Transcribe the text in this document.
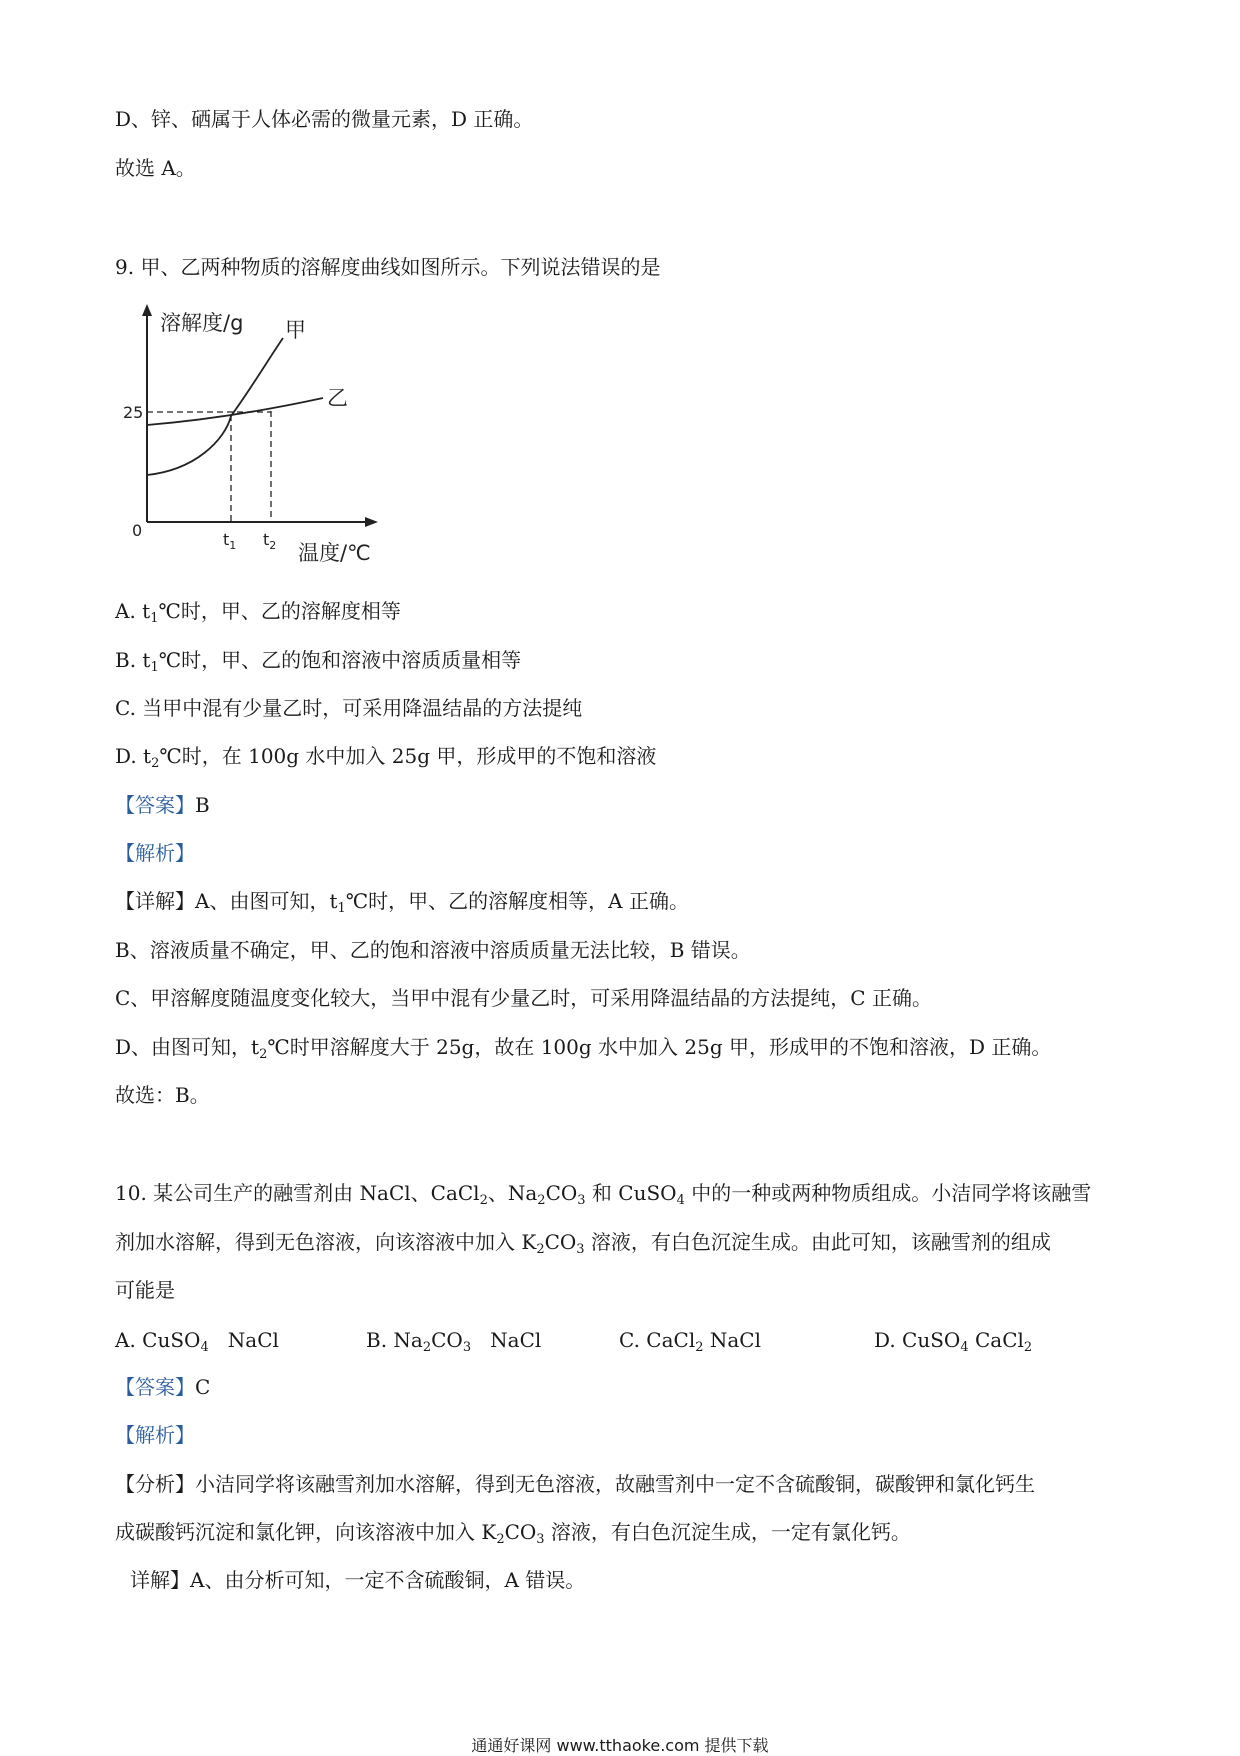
D、锌、硒属于人体必需的微量元素，D 正确。
故选 A。
9. 甲、乙两种物质的溶解度曲线如图所示。下列说法错误的是
溶解度/g
温度/℃
0
25
$t_1$ $t_2$
甲
乙
A. $t_1℃$时，甲、乙的溶解度相等
B. $t_1℃$时，甲、乙的饱和溶液中溶质质量相等
C. 当甲中混有少量乙时，可采用降温结晶的方法提纯
D. $t_2℃$时，在 100g 水中加入 25g 甲，形成甲的不饱和溶液
【答案】B
【解析】
【详解】A、由图可知，$t_1℃$时，甲、乙的溶解度相等，A 正确。
B、溶液质量不确定，甲、乙的饱和溶液中溶质质量无法比较，B 错误。
C、甲溶解度随温度变化较大，当甲中混有少量乙时，可采用降温结晶的方法提纯，C 正确。
D、由图可知，$t_2℃$时甲溶解度大于 25g，故在 100g 水中加入 25g 甲，形成甲的不饱和溶液，D 正确。
故选：B。
10. 某公司生产的融雪剂由 NaCl、CaCl$_2$、$Na_2CO_3$ 和 CuSO$_4$ 中的一种或两种物质组成。小洁同学将该融雪
剂加水溶解，得到无色溶液，向该溶液中加入 $K_2CO_3$ 溶液，有白色沉淀生成。由此可知，该融雪剂的组成
可能是
A. CuSO$_4$   NaCl	B. $Na_2CO_3$   NaCl	C. CaCl$_2$ NaCl	D. CuSO$_4$ CaCl$_2$
【答案】C
【解析】
【分析】小洁同学将该融雪剂加水溶解，得到无色溶液，故融雪剂中一定不含硫酸铜，碳酸钾和氯化钙生
成碳酸钙沉淀和氯化钾，向该溶液中加入 $K_2CO_3$ 溶液，有白色沉淀生成，一定有氯化钙。
详解】A、由分析可知，一定不含硫酸铜，A 错误。
通通好课网 www.tthaoke.com 提供下载
